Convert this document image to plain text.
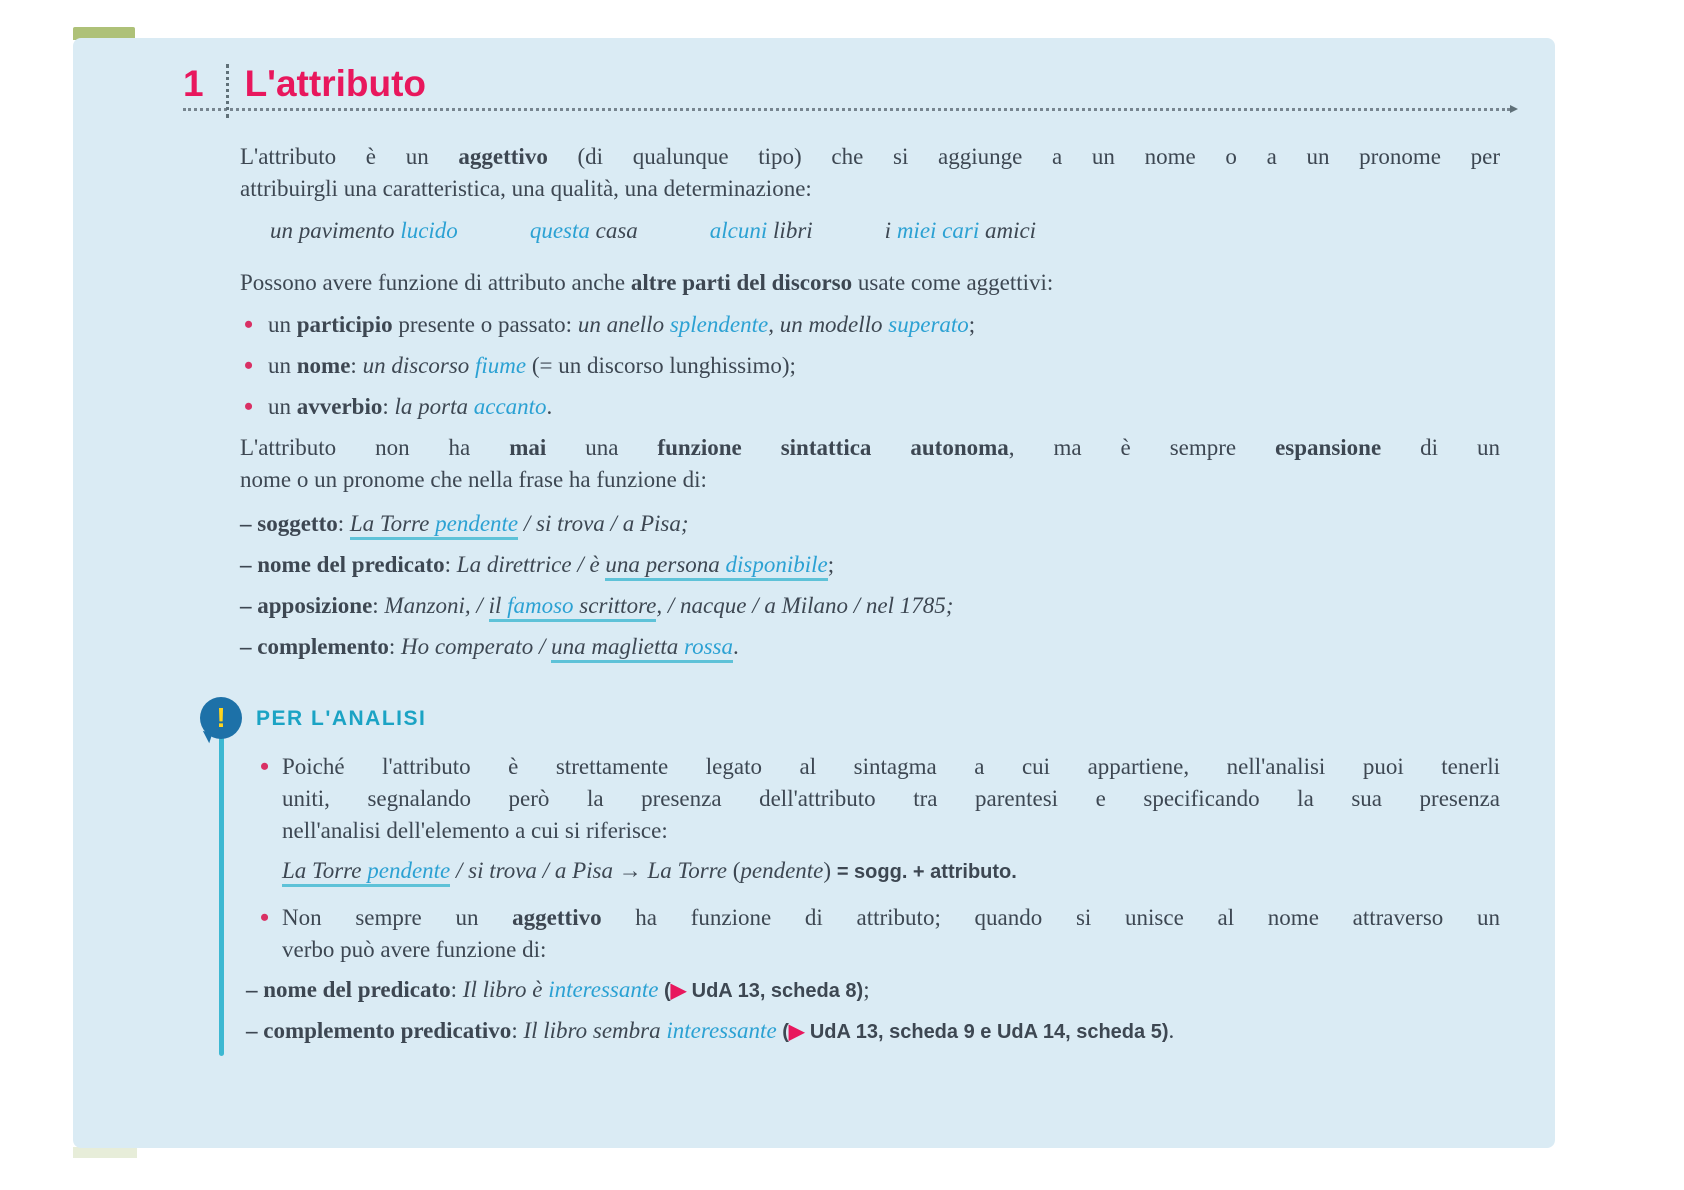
1 L'attributo
L'attributo è un aggettivo (di qualunque tipo) che si aggiunge a un nome o a un pronome per
attribuirgli una caratteristica, una qualità, una determinazione:
un pavimento lucido	questa casa	alcuni libri	i miei cari amici
Possono avere funzione di attributo anche altre parti del discorso usate come aggettivi:
• un participio presente o passato: un anello splendente, un modello superato;
• un nome: un discorso fiume (= un discorso lunghissimo);
• un avverbio: la porta accanto.
L'attributo non ha mai una funzione sintattica autonoma, ma è sempre espansione di un
nome o un pronome che nella frase ha funzione di:
– soggetto: La Torre pendente / si trova / a Pisa;
– nome del predicato: La direttrice / è una persona disponibile;
– apposizione: Manzoni, / il famoso scrittore, / nacque / a Milano / nel 1785;
– complemento: Ho comperato / una maglietta rossa.
! PER L'ANALISI
• Poiché l'attributo è strettamente legato al sintagma a cui appartiene, nell'analisi puoi tenerli
uniti, segnalando però la presenza dell'attributo tra parentesi e specificando la sua presenza
nell'analisi dell'elemento a cui si riferisce:
La Torre pendente / si trova / a Pisa → La Torre (pendente) = sogg. + attributo.
• Non sempre un aggettivo ha funzione di attributo; quando si unisce al nome attraverso un
verbo può avere funzione di:
– nome del predicato: Il libro è interessante (▶ UdA 13, scheda 8);
– complemento predicativo: Il libro sembra interessante (▶ UdA 13, scheda 9 e UdA 14, scheda 5).
